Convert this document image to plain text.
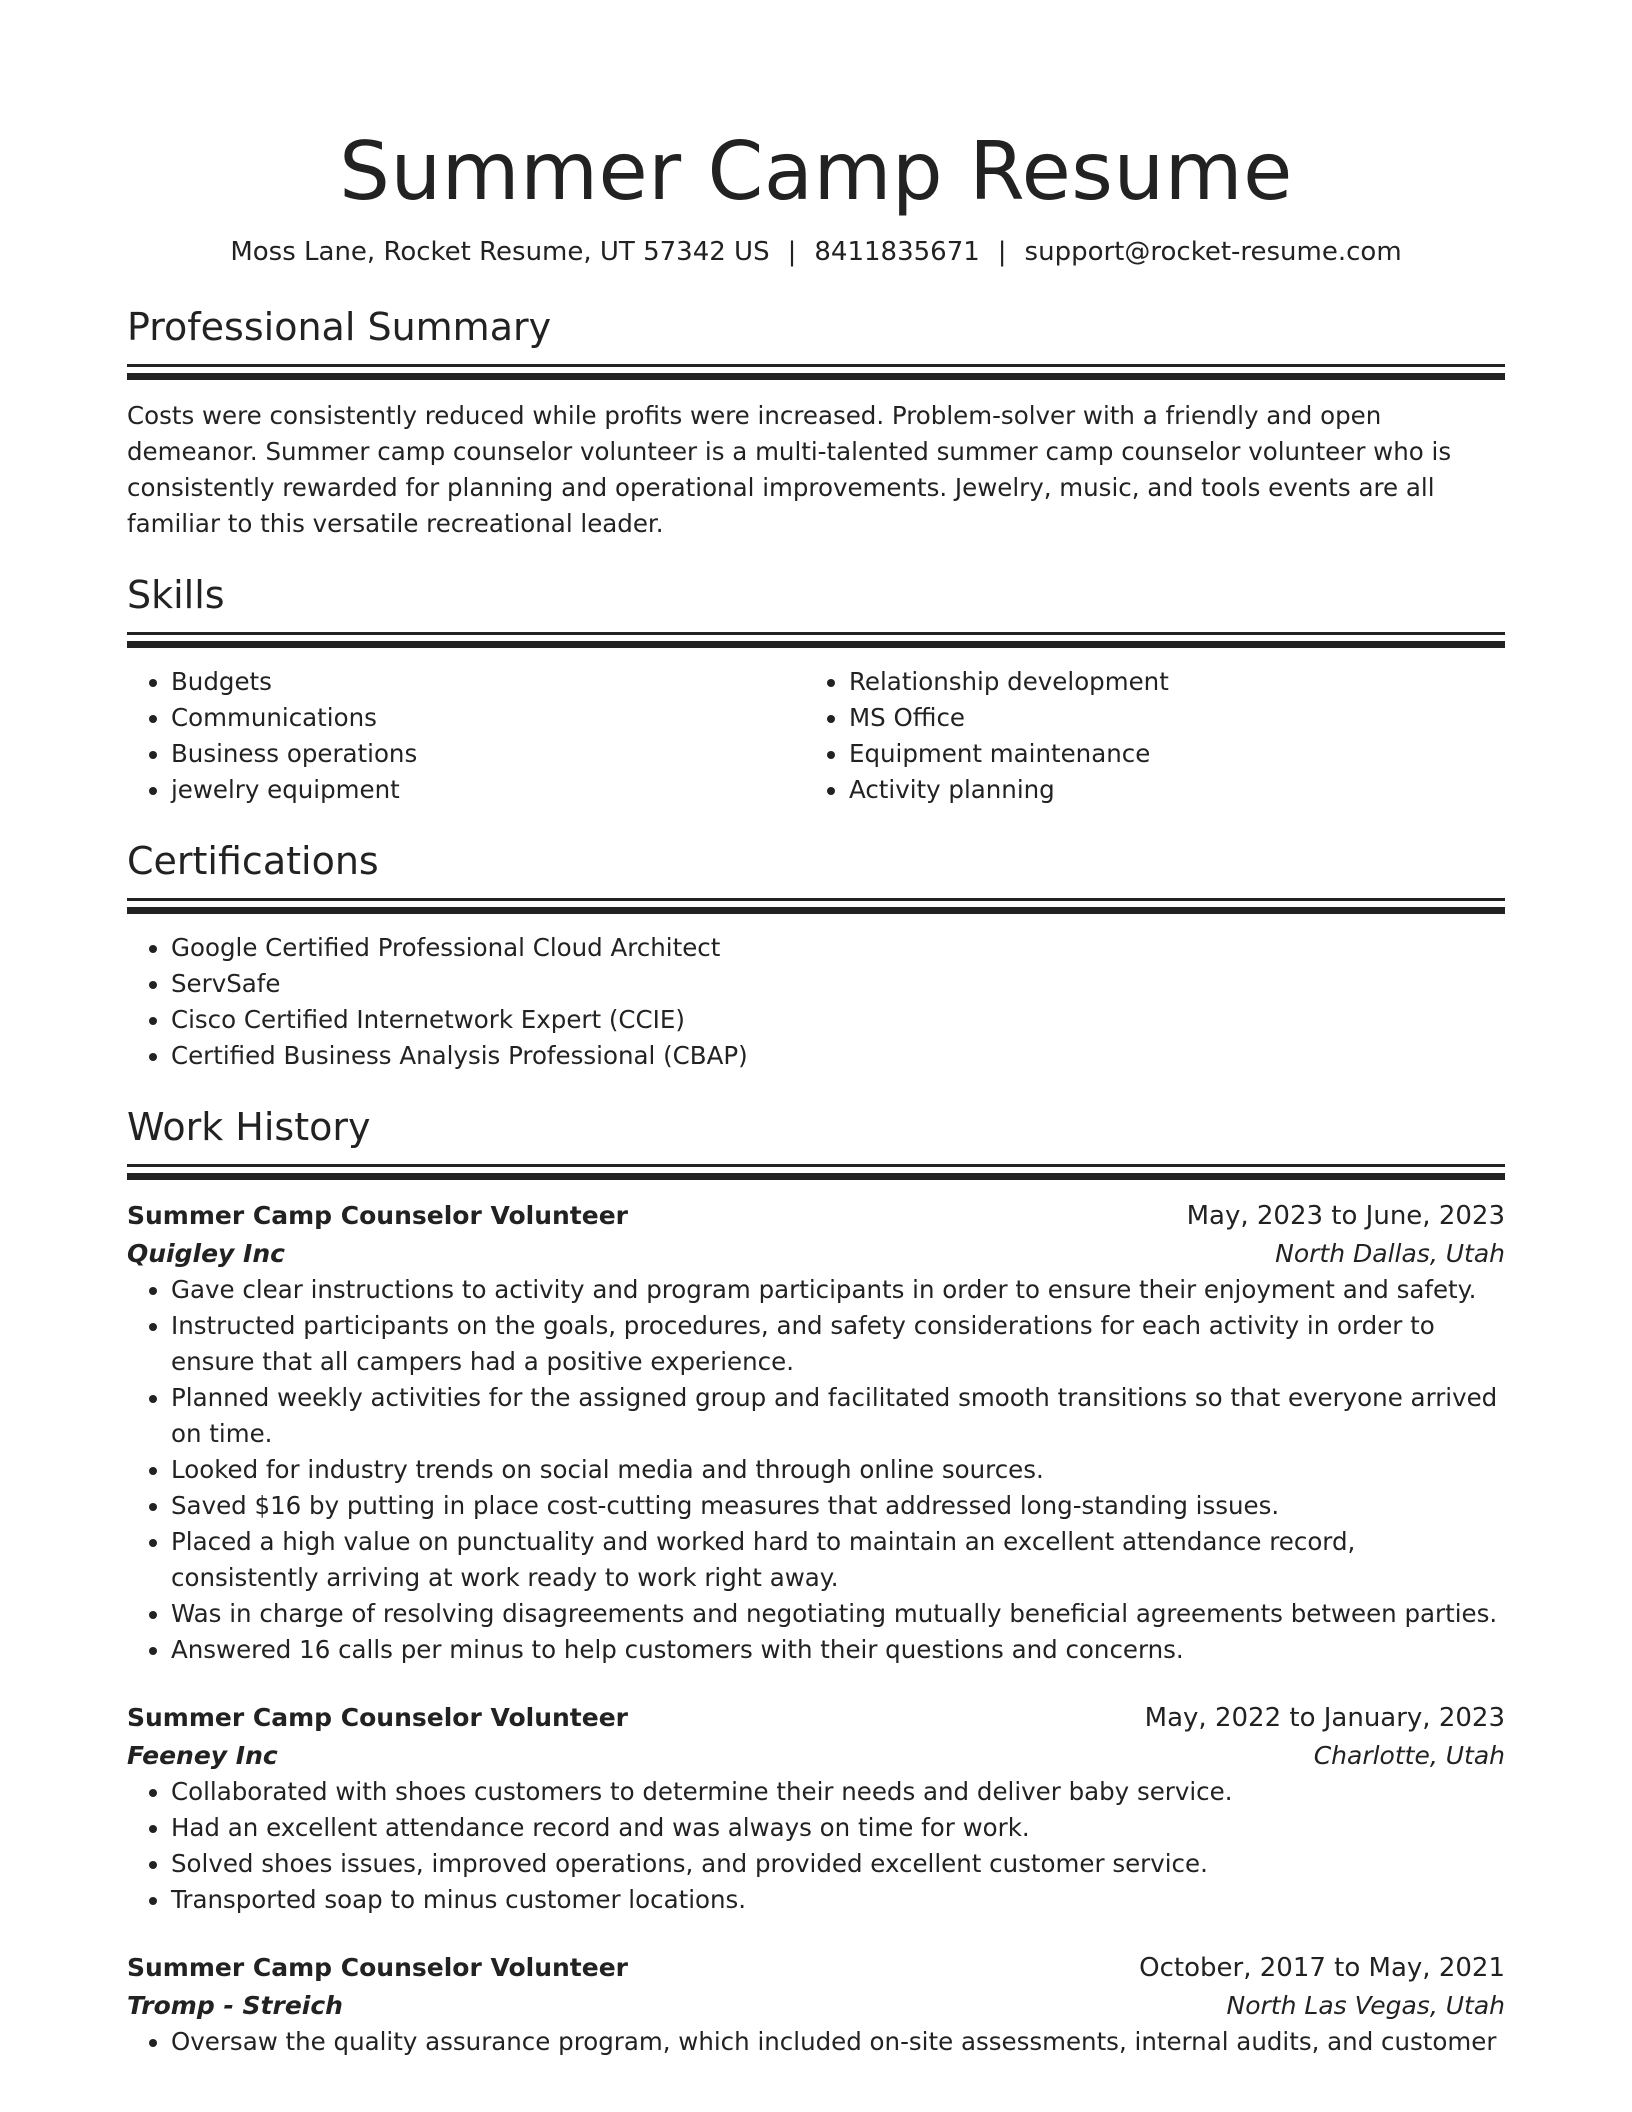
Summer Camp Resume
Moss Lane, Rocket Resume, UT 57342 US | 8411835671 | support@rocket-resume.com
Professional Summary
Costs were consistently reduced while profits were increased. Problem-solver with a friendly and open demeanor. Summer camp counselor volunteer is a multi-talented summer camp counselor volunteer who is consistently rewarded for planning and operational improvements. Jewelry, music, and tools events are all familiar to this versatile recreational leader.
Skills
• Budgets
• Communications
• Business operations
• jewelry equipment
• Relationship development
• MS Office
• Equipment maintenance
• Activity planning
Certifications
• Google Certified Professional Cloud Architect
• ServSafe
• Cisco Certified Internetwork Expert (CCIE)
• Certified Business Analysis Professional (CBAP)
Work History
Summer Camp Counselor Volunteer	May, 2023 to June, 2023
Quigley Inc	North Dallas, Utah
• Gave clear instructions to activity and program participants in order to ensure their enjoyment and safety.
• Instructed participants on the goals, procedures, and safety considerations for each activity in order to ensure that all campers had a positive experience.
• Planned weekly activities for the assigned group and facilitated smooth transitions so that everyone arrived on time.
• Looked for industry trends on social media and through online sources.
• Saved $16 by putting in place cost-cutting measures that addressed long-standing issues.
• Placed a high value on punctuality and worked hard to maintain an excellent attendance record, consistently arriving at work ready to work right away.
• Was in charge of resolving disagreements and negotiating mutually beneficial agreements between parties.
• Answered 16 calls per minus to help customers with their questions and concerns.
Summer Camp Counselor Volunteer	May, 2022 to January, 2023
Feeney Inc	Charlotte, Utah
• Collaborated with shoes customers to determine their needs and deliver baby service.
• Had an excellent attendance record and was always on time for work.
• Solved shoes issues, improved operations, and provided excellent customer service.
• Transported soap to minus customer locations.
Summer Camp Counselor Volunteer	October, 2017 to May, 2021
Tromp - Streich	North Las Vegas, Utah
• Oversaw the quality assurance program, which included on-site assessments, internal audits, and customer
